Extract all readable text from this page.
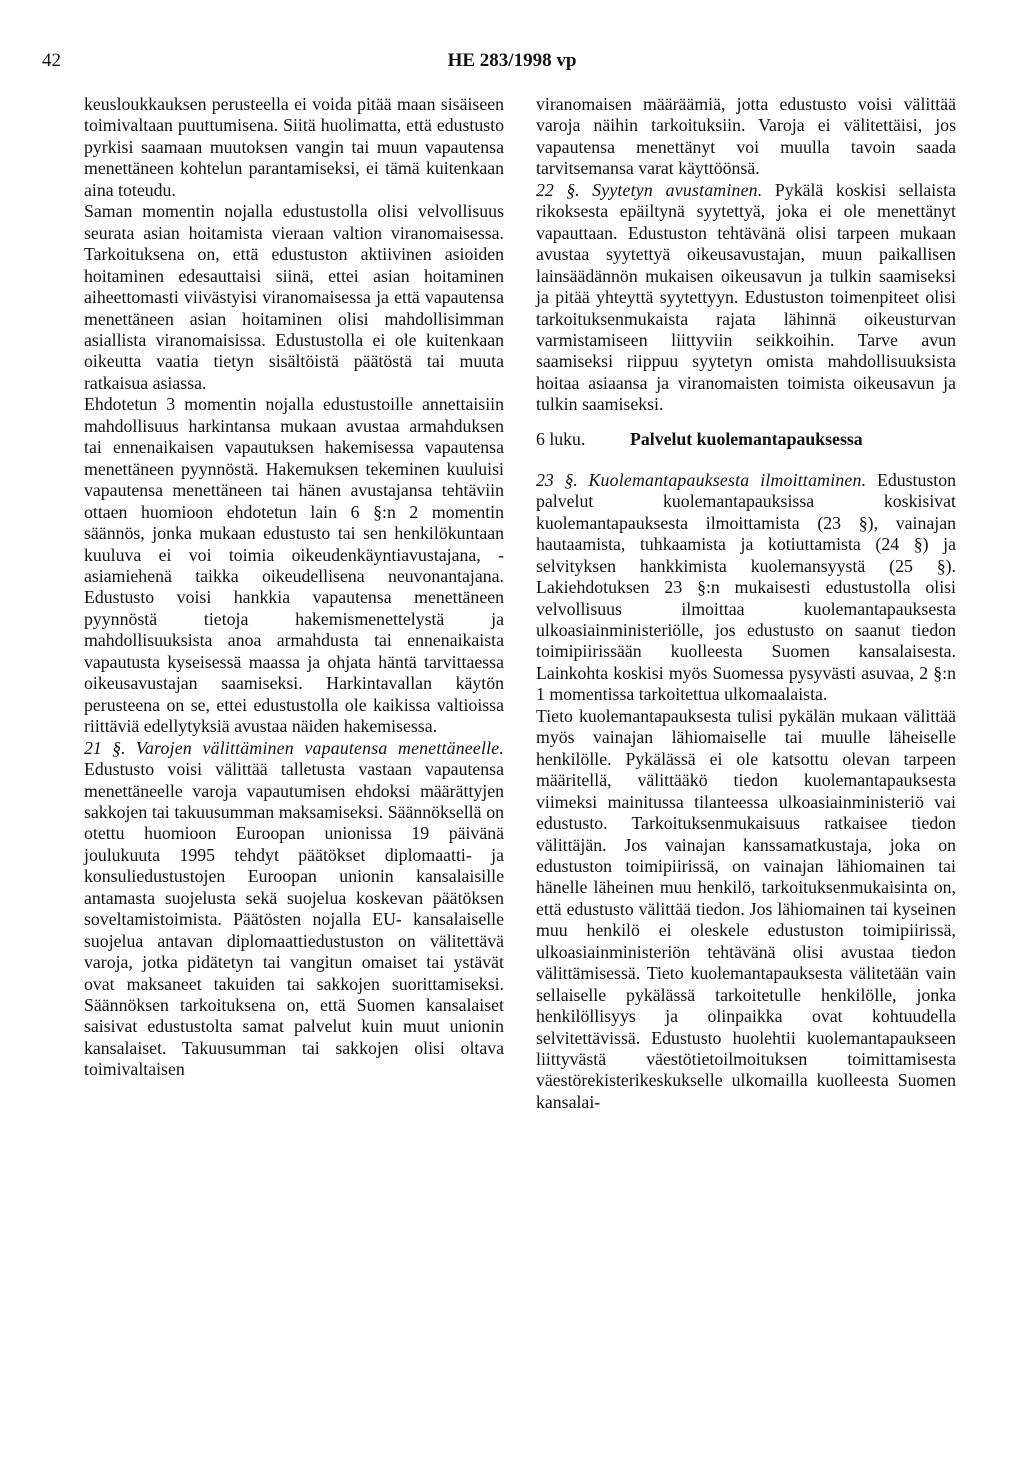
42	HE 283/1998 vp

keusloukkauksen perusteella ei voida pitää maan sisäiseen toimivaltaan puuttumisena. Siitä huolimatta, että edustusto pyrkisi saamaan muutoksen vangin tai muun vapautensa menettäneen kohtelun parantamiseksi, ei tämä kuitenkaan aina toteudu.

Saman momentin nojalla edustustolla olisi velvollisuus seurata asian hoitamista vieraan valtion viranomaisessa. Tarkoituksena on, että edustuston aktiivinen asioiden hoitaminen edesauttaisi siinä, ettei asian hoitaminen aiheettomasti viivästyisi viranomaisessa ja että vapautensa menettäneen asian hoitaminen olisi mahdollisimman asiallista viranomaisissa. Edustustolla ei ole kuitenkaan oikeutta vaatia tietyn sisältöistä päätöstä tai muuta ratkaisua asiassa.

Ehdotetun 3 momentin nojalla edustustoille annettaisiin mahdollisuus harkintansa mukaan avustaa armahduksen tai ennenaikaisen vapautuksen hakemisessa vapautensa menettäneen pyynnöstä. Hakemuksen tekeminen kuuluisi vapautensa menettäneen tai hänen avustajansa tehtäviin ottaen huomioon ehdotetun lain 6 §:n 2 momentin säännös, jonka mukaan edustusto tai sen henkilökuntaan kuuluva ei voi toimia oikeudenkäyntiavustajana, -asiamiehenä taikka oikeudellisena neuvonantajana. Edustusto voisi hankkia vapautensa menettäneen pyynnöstä tietoja hakemismenettelystä ja mahdollisuuksista anoa armahdusta tai ennenaikaista vapautusta kyseisessä maassa ja ohjata häntä tarvittaessa oikeusavustajan saamiseksi. Harkintavallan käytön perusteena on se, ettei edustustolla ole kaikissa valtioissa riittäviä edellytyksiä avustaa näiden hakemisessa.

21 §. Varojen välittäminen vapautensa menettäneelle. Edustusto voisi välittää talletusta vastaan vapautensa menettäneelle varoja vapautumisen ehdoksi määrättyjen sakkojen tai takuusumman maksamiseksi. Säännöksellä on otettu huomioon Euroopan unionissa 19 päivänä joulukuuta 1995 tehdyt päätökset diplomaatti- ja konsuliedustustojen Euroopan unionin kansalaisille antamasta suojelusta sekä suojelua koskevan päätöksen soveltamistoimista. Päätösten nojalla EU- kansalaiselle suojelua antavan diplomaattiedustuston on välitettävä varoja, jotka pidätetyn tai vangitun omaiset tai ystävät ovat maksaneet takuiden tai sakkojen suorittamiseksi. Säännöksen tarkoituksena on, että Suomen kansalaiset saisivat edustustolta samat palvelut kuin muut unionin kansalaiset. Takuusumman tai sakkojen olisi oltava toimivaltaisen

viranomaisen määräämiä, jotta edustusto voisi välittää varoja näihin tarkoituksiin. Varoja ei välitettäisi, jos vapautensa menettänyt voi muulla tavoin saada tarvitsemansa varat käyttöönsä.

22 §. Syytetyn avustaminen. Pykälä koskisi sellaista rikoksesta epäiltynä syytettyä, joka ei ole menettänyt vapauttaan. Edustuston tehtävänä olisi tarpeen mukaan avustaa syytettyä oikeusavustajan, muun paikallisen lainsäädännön mukaisen oikeusavun ja tulkin saamiseksi ja pitää yhteyttä syytettyyn. Edustuston toimenpiteet olisi tarkoituksenmukaista rajata lähinnä oikeusturvan varmistamiseen liittyviin seikkoihin. Tarve avun saamiseksi riippuu syytetyn omista mahdollisuuksista hoitaa asiaansa ja viranomaisten toimista oikeusavun ja tulkin saamiseksi.

6 luku.	Palvelut kuolemantapauksessa

23 §. Kuolemantapauksesta ilmoittaminen. Edustuston palvelut kuolemantapauksissa koskisivat kuolemantapauksesta ilmoittamista (23 §), vainajan hautaamista, tuhkaamista ja kotiuttamista (24 §) ja selvityksen hankkimista kuolemansyystä (25 §). Lakiehdotuksen 23 §:n mukaisesti edustustolla olisi velvollisuus ilmoittaa kuolemantapauksesta ulkoasiainministeriölle, jos edustusto on saanut tiedon toimipiirissään kuolleesta Suomen kansalaisesta. Lainkohta koskisi myös Suomessa pysyvästi asuvaa, 2 §:n 1 momentissa tarkoitettua ulkomaalaista.

Tieto kuolemantapauksesta tulisi pykälän mukaan välittää myös vainajan lähiomaiselle tai muulle läheiselle henkilölle. Pykälässä ei ole katsottu olevan tarpeen määritellä, välittääkö tiedon kuolemantapauksesta viimeksi mainitussa tilanteessa ulkoasiainministeriö vai edustusto. Tarkoituksenmukaisuus ratkaisee tiedon välittäjän. Jos vainajan kanssamatkustaja, joka on edustuston toimipiirissä, on vainajan lähiomainen tai hänelle läheinen muu henkilö, tarkoituksenmukaisinta on, että edustusto välittää tiedon. Jos lähiomainen tai kyseinen muu henkilö ei oleskele edustuston toimipiirissä, ulkoasiainministeriön tehtävänä olisi avustaa tiedon välittämisessä. Tieto kuolemantapauksesta välitetään vain sellaiselle pykälässä tarkoitetulle henkilölle, jonka henkilöllisyys ja olinpaikka ovat kohtuudella selvitettävissä. Edustusto huolehtii kuolemantapaukseen liittyvästä väestötietoilmoituksen toimittamisesta väestörekisterikeskukselle ulkomailla kuolleesta Suomen kansalai-
